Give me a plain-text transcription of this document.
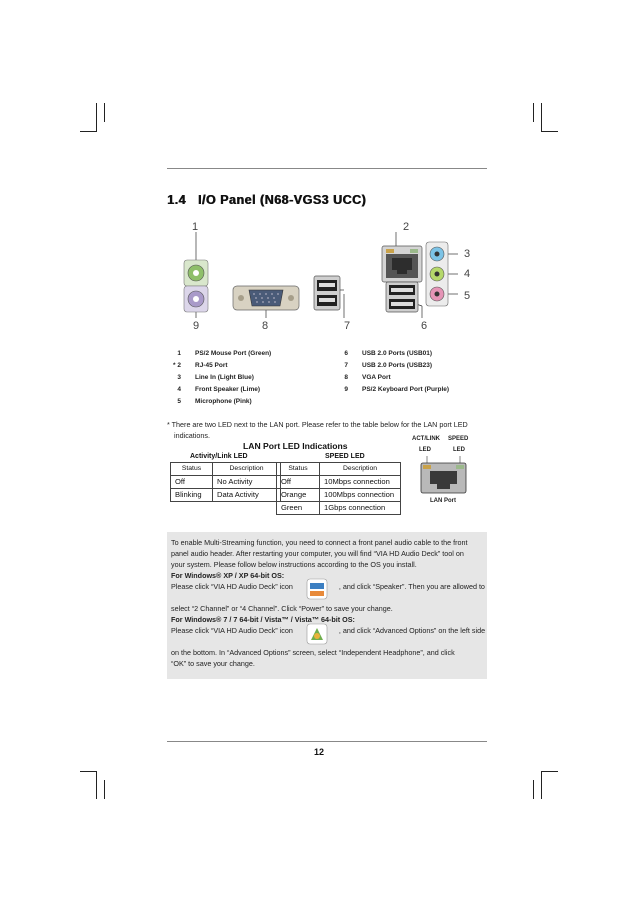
1.4 I/O Panel (N68-VGS3 UCC)
1	2
3
4
5
6
7
8
9
1 PS/2 Mouse Port (Green)
* 2 RJ-45 Port
3 Line In (Light Blue)
4 Front Speaker (Lime)
5 Microphone (Pink)
6 USB 2.0 Ports (USB01)
7 USB 2.0 Ports (USB23)
8 VGA Port
9 PS/2 Keyboard Port (Purple)
* There are two LED next to the LAN port. Please refer to the table below for the LAN port LED
indications.
LAN Port LED Indications
Activity/Link LED	SPEED LED
Status	Description
Off	No Activity
Blinking	Data Activity
Status	Description
Off	10Mbps connection
Orange	100Mbps connection
Green	1Gbps connection
ACT/LINK SPEED
LED	LED
LAN Port
To enable Multi-Streaming function, you need to connect a front panel audio cable to the front
panel audio header. After restarting your computer, you will find “VIA HD Audio Deck” tool on
your system. Please follow below instructions according to the OS you install.
For Windows® XP / XP 64-bit OS:
Please click “VIA HD Audio Deck” icon	, and click “Speaker”. Then you are allowed to
select “2 Channel” or “4 Channel”. Click “Power” to save your change.
For Windows® 7 / 7 64-bit / Vista™ / Vista™ 64-bit OS:
Please click “VIA HD Audio Deck” icon	, and click “Advanced Options” on the left side
on the bottom. In “Advanced Options” screen, select “Independent Headphone”, and click
“OK” to save your change.
12
